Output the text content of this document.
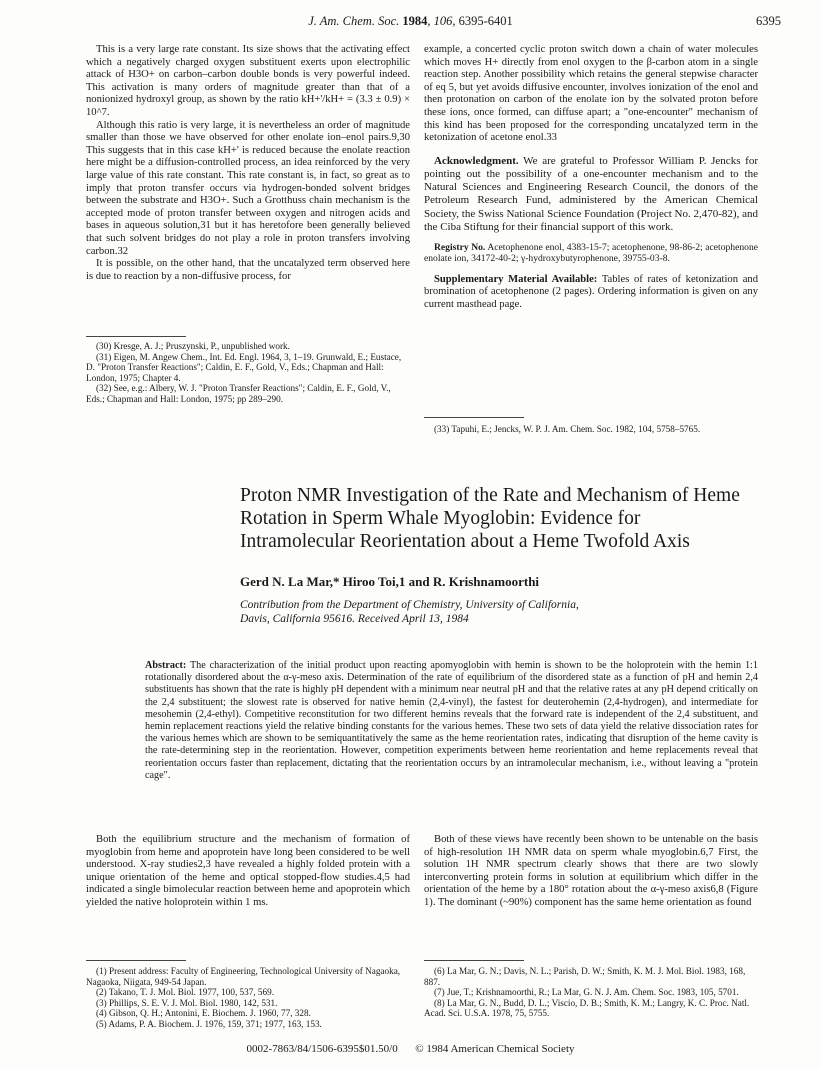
J. Am. Chem. Soc. 1984, 106, 6395-6401	6395

This is a very large rate constant. Its size shows that the activating effect which a negatively charged oxygen substituent exerts upon electrophilic attack of H3O+ on carbon–carbon double bonds is very powerful indeed. This activation is many orders of magnitude greater than that of a nonionized hydroxyl group, as shown by the ratio kH+'/kH+ = (3.3 ± 0.9) × 10^7.

Although this ratio is very large, it is nevertheless an order of magnitude smaller than those we have observed for other enolate ion–enol pairs.9,30 This suggests that in this case kH+' is reduced because the enolate reaction here might be a diffusion-controlled process, an idea reinforced by the very large value of this rate constant. This rate constant is, in fact, so great as to imply that proton transfer occurs via hydrogen-bonded solvent bridges between the substrate and H3O+. Such a Grotthuss chain mechanism is the accepted mode of proton transfer between oxygen and nitrogen acids and bases in aqueous solution,31 but it has heretofore been generally believed that such solvent bridges do not play a role in proton transfers involving carbon.32

It is possible, on the other hand, that the uncatalyzed term observed here is due to reaction by a non-diffusive process, for

(30) Kresge, A. J.; Pruszynski, P., unpublished work.
(31) Eigen, M. Angew Chem., Int. Ed. Engl. 1964, 3, 1–19. Grunwald, E.; Eustace, D. "Proton Transfer Reactions"; Caldin, E. F., Gold, V., Eds.; Chapman and Hall: London, 1975; Chapter 4.
(32) See, e.g.: Albery, W. J. "Proton Transfer Reactions"; Caldin, E. F., Gold, V., Eds.; Chapman and Hall: London, 1975; pp 289–290.

example, a concerted cyclic proton switch down a chain of water molecules which moves H+ directly from enol oxygen to the β-carbon atom in a single reaction step. Another possibility which retains the general stepwise character of eq 5, but yet avoids diffusive encounter, involves ionization of the enol and then protonation on carbon of the enolate ion by the solvated proton before these ions, once formed, can diffuse apart; a "one-encounter" mechanism of this kind has been proposed for the corresponding uncatalyzed term in the ketonization of acetone enol.33

Acknowledgment. We are grateful to Professor William P. Jencks for pointing out the possibility of a one-encounter mechanism and to the Natural Sciences and Engineering Research Council, the donors of the Petroleum Research Fund, administered by the American Chemical Society, the Swiss National Science Foundation (Project No. 2,470-82), and the Ciba Stiftung for their financial support of this work.

Registry No. Acetophenone enol, 4383-15-7; acetophenone, 98-86-2; acetophenone enolate ion, 34172-40-2; γ-hydroxybutyrophenone, 39755-03-8.

Supplementary Material Available: Tables of rates of ketonization and bromination of acetophenone (2 pages). Ordering information is given on any current masthead page.

(33) Tapuhi, E.; Jencks, W. P. J. Am. Chem. Soc. 1982, 104, 5758–5765.
Proton NMR Investigation of the Rate and Mechanism of Heme Rotation in Sperm Whale Myoglobin: Evidence for Intramolecular Reorientation about a Heme Twofold Axis
Gerd N. La Mar,* Hiroo Toi,1 and R. Krishnamoorthi
Contribution from the Department of Chemistry, University of California,
Davis, California 95616. Received April 13, 1984
Abstract: The characterization of the initial product upon reacting apomyoglobin with hemin is shown to be the holoprotein with the hemin 1:1 rotationally disordered about the α-γ-meso axis. Determination of the rate of equilibrium of the disordered state as a function of pH and hemin 2,4 substituents has shown that the rate is highly pH dependent with a minimum near neutral pH and that the relative rates at any pH depend critically on the 2,4 substituent; the slowest rate is observed for native hemin (2,4-vinyl), the fastest for deuterohemin (2,4-hydrogen), and intermediate for mesohemin (2,4-ethyl). Competitive reconstitution for two different hemins reveals that the forward rate is independent of the 2,4 substituent, and hemin replacement reactions yield the relative binding constants for the various hemes. These two sets of data yield the relative dissociation rates for the various hemes which are shown to be semiquantitatively the same as the heme reorientation rates, indicating that disruption of the heme cavity is the rate-determining step in the reorientation. However, competition experiments between heme reorientation and heme replacements reveal that reorientation occurs faster than replacement, dictating that the reorientation occurs by an intramolecular mechanism, i.e., without leaving a "protein cage".

Both the equilibrium structure and the mechanism of formation of myoglobin from heme and apoprotein have long been considered to be well understood. X-ray studies2,3 have revealed a highly folded protein with a unique orientation of the heme and optical stopped-flow studies.4,5 had indicated a single bimolecular reaction between heme and apoprotein which yielded the native holoprotein within 1 ms.

Both of these views have recently been shown to be untenable on the basis of high-resolution 1H NMR data on sperm whale myoglobin.6,7 First, the solution 1H NMR spectrum clearly shows that there are two slowly interconverting protein forms in solution at equilibrium which differ in the orientation of the heme by a 180° rotation about the α-γ-meso axis6,8 (Figure 1). The dominant (~90%) component has the same heme orientation as found

(1) Present address: Faculty of Engineering, Technological University of Nagaoka, Nagaoka, Niigata, 949-54 Japan.
(2) Takano, T. J. Mol. Biol. 1977, 100, 537, 569.
(3) Phillips, S. E. V. J. Mol. Biol. 1980, 142, 531.
(4) Gibson, Q. H.; Antonini, E. Biochem. J. 1960, 77, 328.
(5) Adams, P. A. Biochem. J. 1976, 159, 371; 1977, 163, 153.
(6) La Mar, G. N.; Davis, N. L.; Parish, D. W.; Smith, K. M. J. Mol. Biol. 1983, 168, 887.
(7) Jue, T.; Krishnamoorthi, R.; La Mar, G. N. J. Am. Chem. Soc. 1983, 105, 5701.
(8) La Mar, G. N., Budd, D. L.; Viscio, D. B.; Smith, K. M.; Langry, K. C. Proc. Natl. Acad. Sci. U.S.A. 1978, 75, 5755.
0002-7863/84/1506-6395$01.50/0 © 1984 American Chemical Society
